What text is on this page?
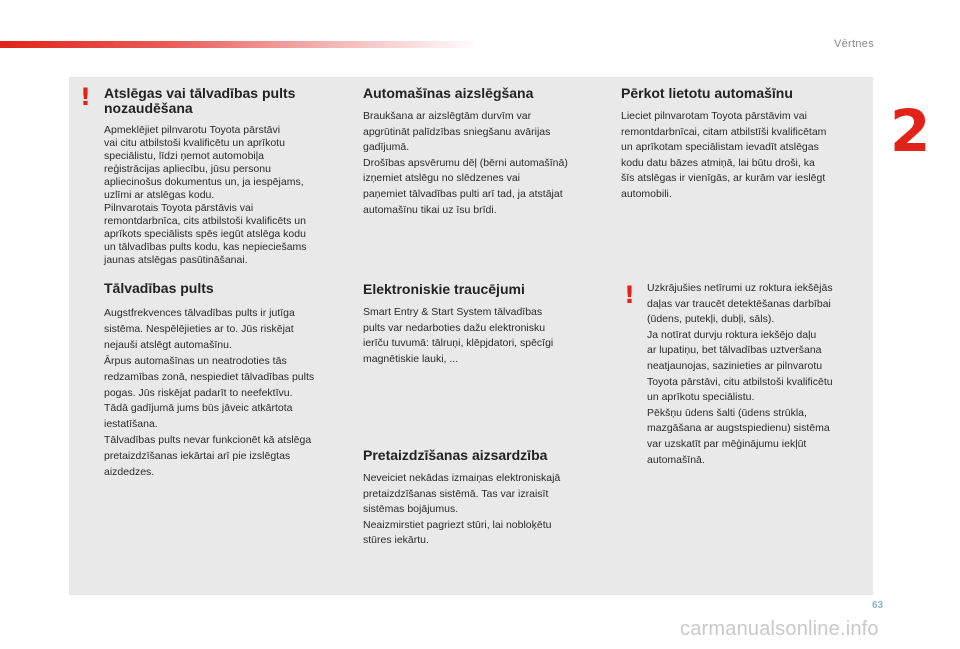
Vērtnes
2
! Atslēgas vai tālvadības pults
nozaudēšana

Apmeklējiet pilnvarotu Toyota pārstāvi
vai citu atbilstoši kvalificētu un aprīkotu
speciālistu, līdzi ņemot automobiļa
reģistrācijas apliecību, jūsu personu
apliecinošus dokumentus un, ja iespējams,
uzlīmi ar atslēgas kodu.
Pilnvarotais Toyota pārstāvis vai
remontdarbnīca, cits atbilstoši kvalificēts un
aprīkots speciālists spēs iegūt atslēga kodu
un tālvadības pults kodu, kas nepieciešams
jaunas atslēgas pasūtināšanai.

Tālvadības pults

Augstfrekvences tālvadības pults ir jutīga
sistēma. Nespēlējieties ar to. Jūs riskējat
nejauši atslēgt automašīnu.
Ārpus automašīnas un neatrodoties tās
redzamības zonā, nespiediet tālvadības pults
pogas. Jūs riskējat padarīt to neefektīvu.
Tādā gadījumā jums būs jāveic atkārtota
iestatīšana.
Tālvadības pults nevar funkcionēt kā atslēga
pretaizdzīšanas iekārtai arī pie izslēgtas
aizdedzes.

Automašīnas aizslēgšana

Braukšana ar aizslēgtām durvīm var
apgrūtināt palīdzības sniegšanu avārijas
gadījumā.
Drošības apsvērumu dēļ (bērni automašīnā)
izņemiet atslēgu no slēdzenes vai
paņemiet tālvadības pulti arī tad, ja atstājat
automašīnu tikai uz īsu brīdi.

Elektroniskie traucējumi

Smart Entry & Start System tālvadības
pults var nedarboties dažu elektronisku
ierīču tuvumā: tālruņi, klēpjdatori, spēcīgi
magnētiskie lauki, ...

Pretaizdzīšanas aizsardzība

Neveiciet nekādas izmaiņas elektroniskajā
pretaizdzīšanas sistēmā. Tas var izraisīt
sistēmas bojājumus.
Neaizmirstiet pagriezt stūri, lai nobloķētu
stūres iekārtu.

Pērkot lietotu automašīnu

Lieciet pilnvarotam Toyota pārstāvim vai
remontdarbnīcai, citam atbilstīši kvalificētam
un aprīkotam speciālistam ievadīt atslēgas
kodu datu bāzes atmiņā, lai būtu droši, ka
šīs atslēgas ir vienīgās, ar kurām var ieslēgt
automobili.

! Uzkrājušies netīrumi uz roktura iekšējās
daļas var traucēt detektēšanas darbībai
(ūdens, putekļi, dubļi, sāls).
Ja notīrat durvju roktura iekšējo daļu
ar lupatiņu, bet tālvadības uztveršana
neatjaunojas, sazinieties ar pilnvarotu
Toyota pārstāvi, citu atbilstoši kvalificētu
un aprīkotu speciālistu.
Pēkšņu ūdens šalti (ūdens strūkla,
mazgāšana ar augstspiedienu) sistēma
var uzskatīt par mēģinājumu iekļūt
automašīnā.

63
carmanualsonline.info
